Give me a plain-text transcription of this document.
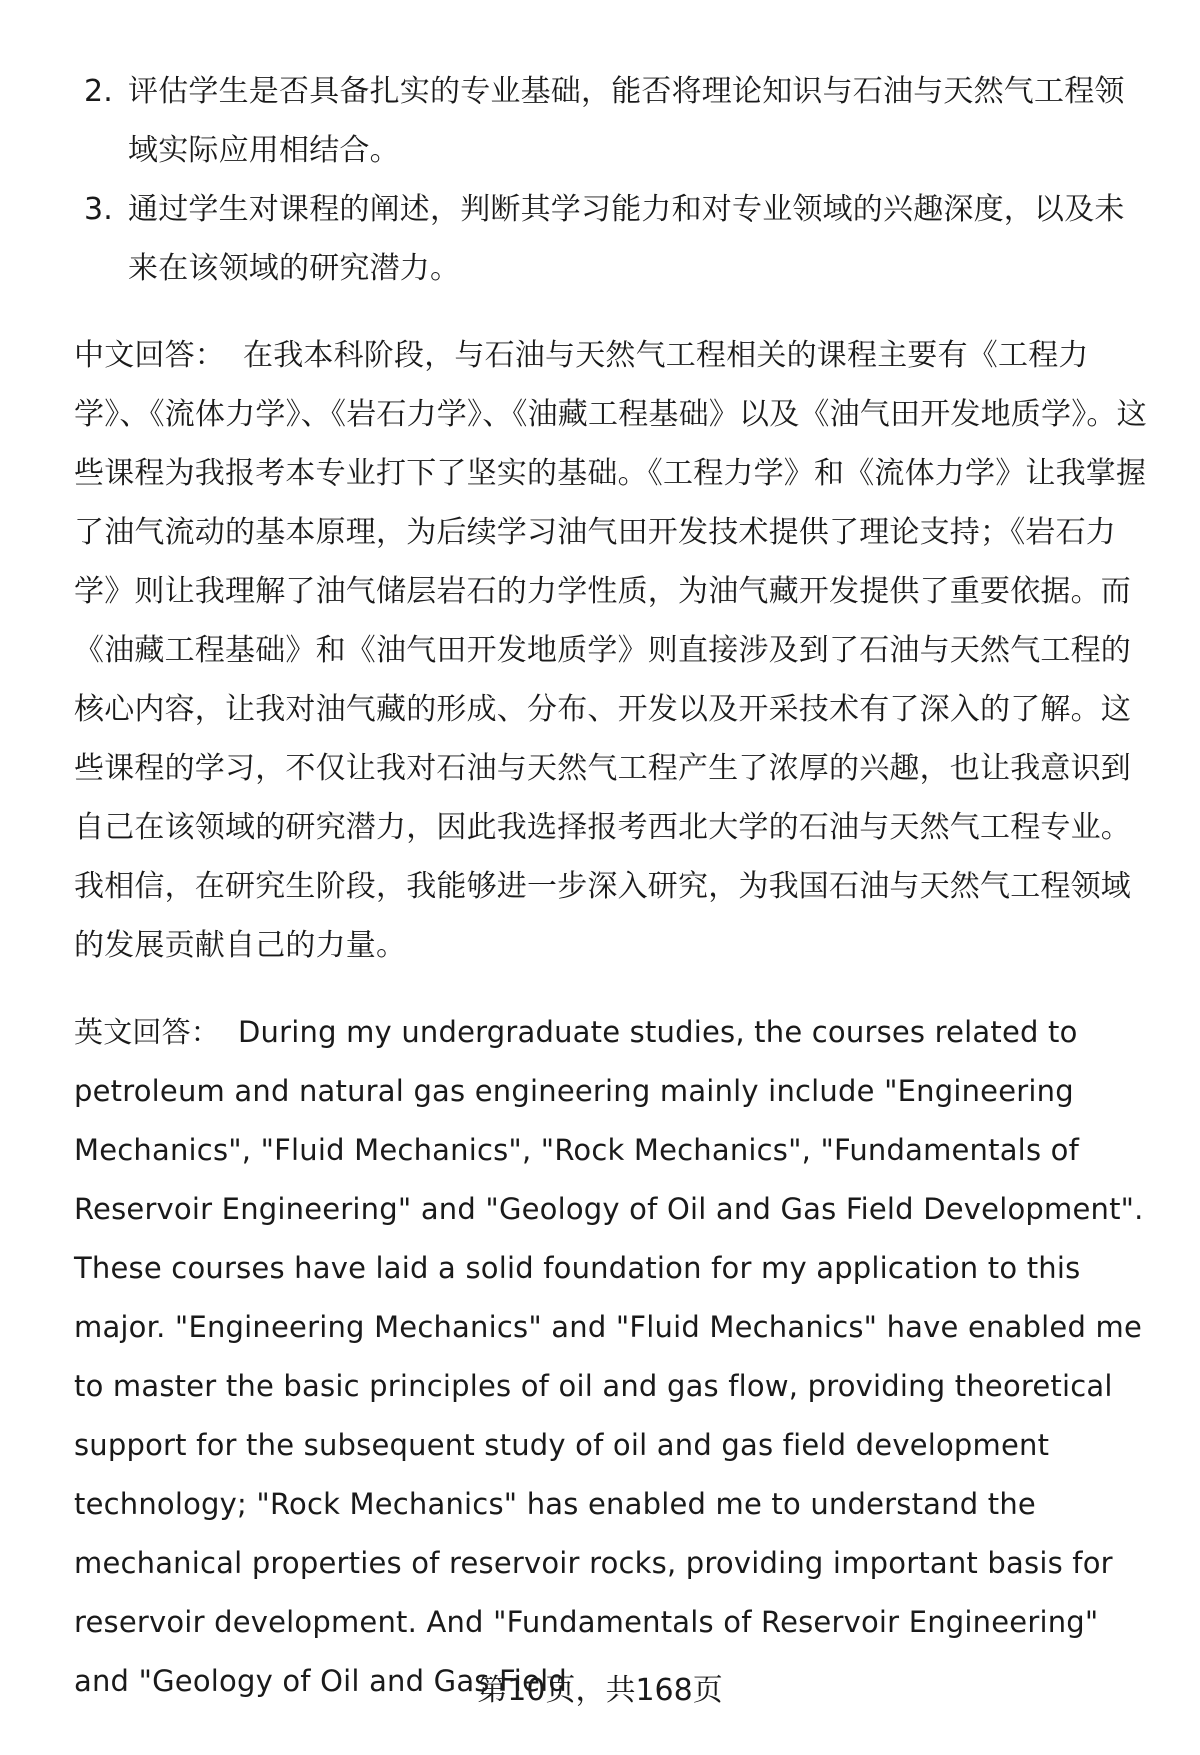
2. 评估学生是否具备扎实的专业基础，能否将理论知识与石油与天然气工程领域实际应用相结合。
3. 通过学生对课程的阐述，判断其学习能力和对专业领域的兴趣深度，以及未来在该领域的研究潜力。

中文回答： 在我本科阶段，与石油与天然气工程相关的课程主要有《工程力学》、《流体力学》、《岩石力学》、《油藏工程基础》以及《油气田开发地质学》。这些课程为我报考本专业打下了坚实的基础。《工程力学》和《流体力学》让我掌握了油气流动的基本原理，为后续学习油气田开发技术提供了理论支持；《岩石力学》则让我理解了油气储层岩石的力学性质，为油气藏开发提供了重要依据。而《油藏工程基础》和《油气田开发地质学》则直接涉及到了石油与天然气工程的核心内容，让我对油气藏的形成、分布、开发以及开采技术有了深入的了解。这些课程的学习，不仅让我对石油与天然气工程产生了浓厚的兴趣，也让我意识到自己在该领域的研究潜力，因此我选择报考西北大学的石油与天然气工程专业。我相信，在研究生阶段，我能够进一步深入研究，为我国石油与天然气工程领域的发展贡献自己的力量。

英文回答： During my undergraduate studies, the courses related to petroleum and natural gas engineering mainly include "Engineering Mechanics", "Fluid Mechanics", "Rock Mechanics", "Fundamentals of Reservoir Engineering" and "Geology of Oil and Gas Field Development". These courses have laid a solid foundation for my application to this major. "Engineering Mechanics" and "Fluid Mechanics" have enabled me to master the basic principles of oil and gas flow, providing theoretical support for the subsequent study of oil and gas field development technology; "Rock Mechanics" has enabled me to understand the mechanical properties of reservoir rocks, providing important basis for reservoir development. And "Fundamentals of Reservoir Engineering" and "Geology of Oil and Gas Field

第10页，共168页
